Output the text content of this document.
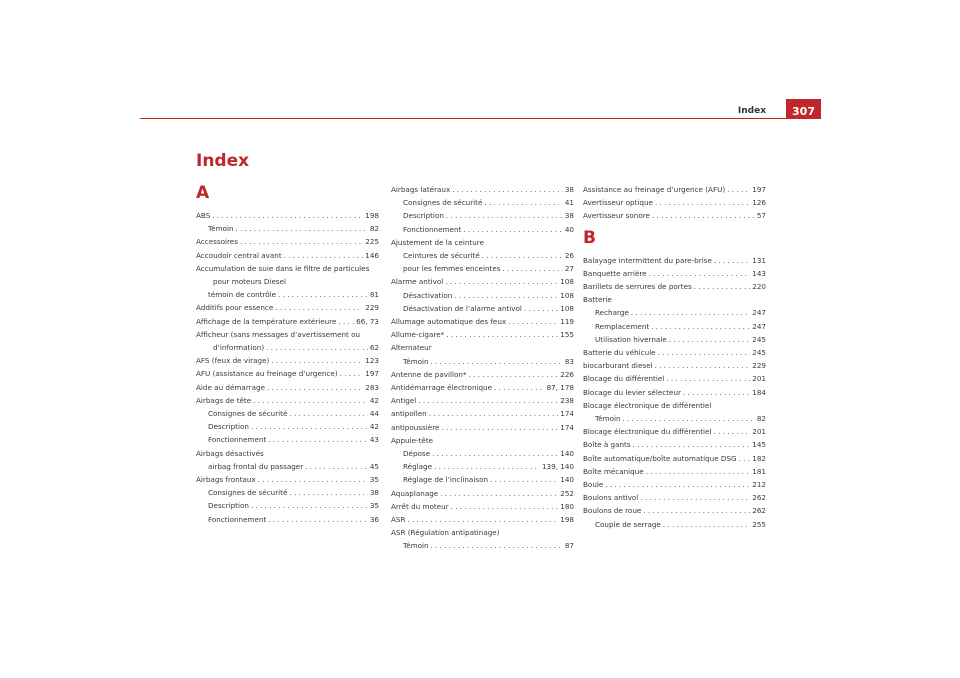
Index	307
Index
A
ABS . . .	198
Témoin . . .	82
Accessoires . . .	225
Accoudoir central avant . . .	146
Accumulation de suie dans le filtre de particules
pour moteurs Diesel
témoin de contrôle . . .	81
Additifs pour essence . . .	229
Affichage de la température extérieure . . .	66, 73
Afficheur (sans messages d’avertissement ou
d’information) . . .	62
AFS (feux de virage) . . .	123
AFU (assistance au freinage d’urgence) . . .	197
Aide au démarrage . . .	283
Airbags de tête . . .	42
Consignes de sécurité . . .	44
Description . . .	42
Fonctionnement . . .	43
Airbags désactivés
airbag frontal du passager . . .	45
Airbags frontaux . . .	35
Consignes de sécurité . . .	38
Description . . .	35
Fonctionnement . . .	36
Airbags latéraux . . .	38
Consignes de sécurité . . .	41
Description . . .	38
Fonctionnement . . .	40
Ajustement de la ceinture
Ceintures de sécurité . . .	26
pour les femmes enceintes . . .	27
Alarme antivol . . .	108
Désactivation . . .	108
Désactivation de l’alarme antivol . . .	108
Allumage automatique des feux . . .	119
Allume-cigare* . . .	155
Alternateur
Témoin . . .	83
Antenne de pavillon* . . .	226
Antidémarrage électronique . . .	87, 178
Antigel . . .	238
antipollen . . .	174
antipoussière . . .	174
Appuie-tête
Dépose . . .	140
Réglage . . .	139, 140
Réglage de l’inclinaison . . .	140
Aquaplanage . . .	252
Arrêt du moteur . . .	180
ASR . . .	198
ASR (Régulation antipatinage)
Témoin . . .	87
Assistance au freinage d’urgence (AFU) . . .	197
Avertisseur optique . . .	126
Avertisseur sonore . . .	57
B
Balayage intermittent du pare-brise . . .	131
Banquette arrière . . .	143
Barillets de serrures de portes . . .	220
Batterie
Recharge . . .	247
Remplacement . . .	247
Utilisation hivernale . . .	245
Batterie du véhicule . . .	245
biocarburant diesel . . .	229
Blocage du différentiel . . .	201
Blocage du levier sélecteur . . .	184
Blocage électronique de différentiel
Témoin . . .	82
Blocage électronique du différentiel . . .	201
Boîte à gants . . .	145
Boîte automatique/boîte automatique DSG . . . 182
Boîte mécanique . . .	181
Boule . . .	212
Boulons antivol . . .	262
Boulons de roue . . .	262
Couple de serrage . . .	255
